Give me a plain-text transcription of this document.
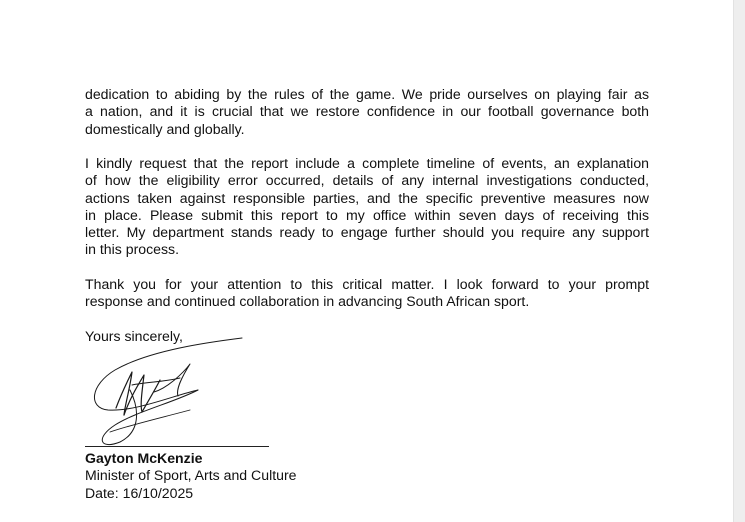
dedication to abiding by the rules of the game. We pride ourselves on playing fair as
a nation, and it is crucial that we restore confidence in our football governance both
domestically and globally.
I kindly request that the report include a complete timeline of events, an explanation
of how the eligibility error occurred, details of any internal investigations conducted,
actions taken against responsible parties, and the specific preventive measures now
in place. Please submit this report to my office within seven days of receiving this
letter. My department stands ready to engage further should you require any support
in this process.
Thank you for your attention to this critical matter. I look forward to your prompt
response and continued collaboration in advancing South African sport.

Yours sincerely,

Gayton McKenzie
Minister of Sport, Arts and Culture
Date: 16/10/2025
